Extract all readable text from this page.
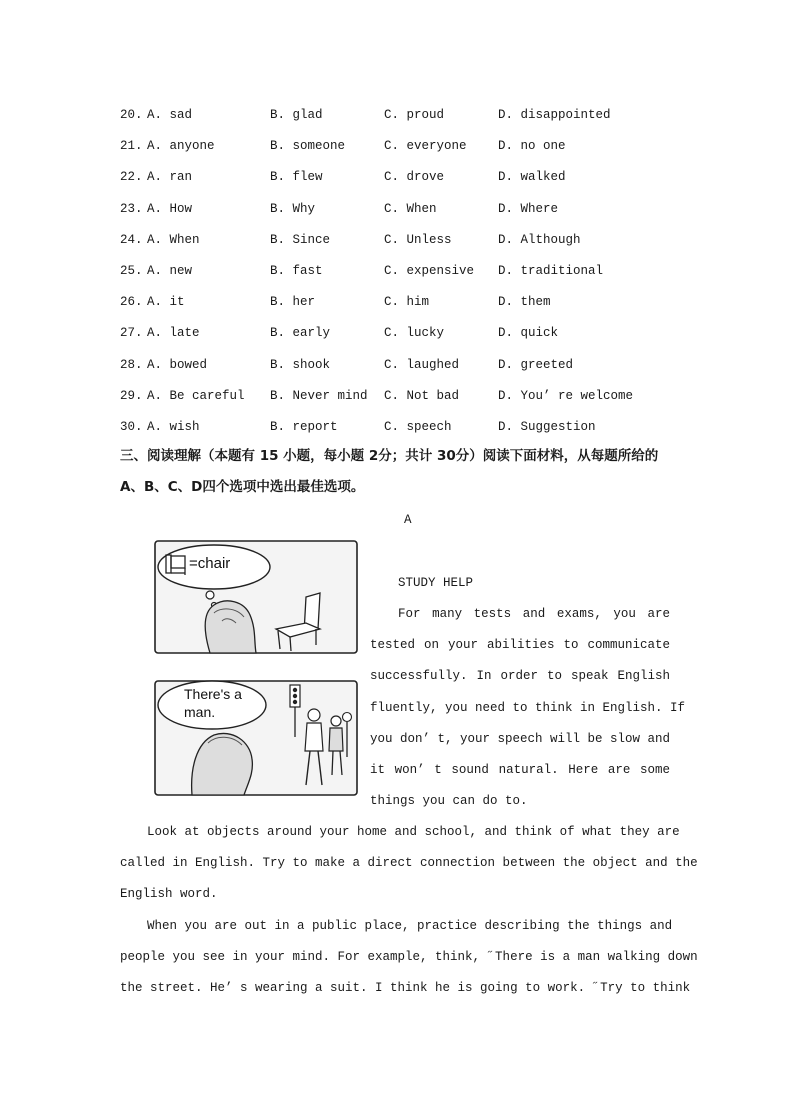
20. A. sad	B. glad	C. proud	D. disappointed
21. A. anyone	B. someone	C. everyone	D. no one
22. A. ran	B. flew	C. drove	D. walked
23. A. How	B. Why	C. When	D. Where
24. A. When	B. Since	C. Unless	D. Although
25. A. new	B. fast	C. expensive D. traditional
26. A. it	B. her	C. him	D. them
27. A. late	B. early	C. lucky	D. quick
28. A. bowed	B. shook	C. laughed	D. greeted
29. A. Be careful B. Never mind C. Not bad	D. You’ re welcome
30. A. wish	B. report	C. speech	D. Suggestion
三、阅读理解（本题有 15 小题，每小题 2分；共计 30分）阅读下面材料，从每题所给的
A、B、C、D四个选项中选出最佳选项。
A
=chair
There's a
man.
STUDY HELP
For many tests and exams, you are
tested on your abilities to communicate
successfully. In order to speak English
fluently, you need to think in English. If
you don’ t, your speech will be slow and
it won’ t sound natural. Here are some
things you can do to.
Look at objects around your home and school, and think of what they are
called in English. Try to make a direct connection between the object and the
English word.
When you are out in a public place, practice describing the things and
people you see in your mind. For example, think, ˝There is a man walking down
the street. He’ s wearing a suit. I think he is going to work. ˝Try to think
